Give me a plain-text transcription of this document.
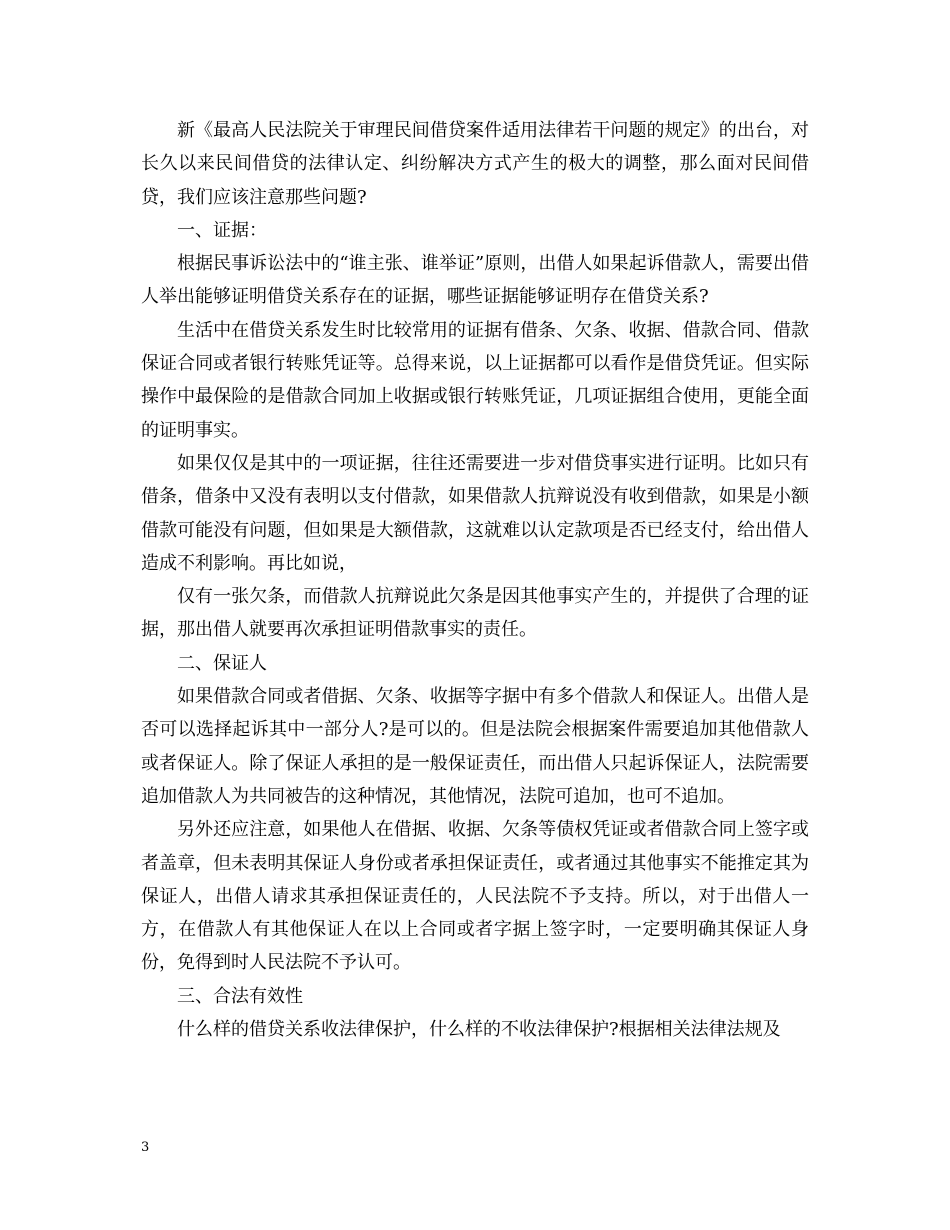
新《最高人民法院关于审理民间借贷案件适用法律若干问题的规定》的出台，对长久以来民间借贷的法律认定、纠纷解决方式产生的极大的调整，那么面对民间借贷，我们应该注意那些问题?

一、证据：

根据民事诉讼法中的“谁主张、谁举证”原则，出借人如果起诉借款人，需要出借人举出能够证明借贷关系存在的证据，哪些证据能够证明存在借贷关系?

生活中在借贷关系发生时比较常用的证据有借条、欠条、收据、借款合同、借款保证合同或者银行转账凭证等。总得来说，以上证据都可以看作是借贷凭证。但实际操作中最保险的是借款合同加上收据或银行转账凭证，几项证据组合使用，更能全面的证明事实。

如果仅仅是其中的一项证据，往往还需要进一步对借贷事实进行证明。比如只有借条，借条中又没有表明以支付借款，如果借款人抗辩说没有收到借款，如果是小额借款可能没有问题，但如果是大额借款，这就难以认定款项是否已经支付，给出借人造成不利影响。再比如说，

仅有一张欠条，而借款人抗辩说此欠条是因其他事实产生的，并提供了合理的证据，那出借人就要再次承担证明借款事实的责任。

二、保证人

如果借款合同或者借据、欠条、收据等字据中有多个借款人和保证人。出借人是否可以选择起诉其中一部分人?是可以的。但是法院会根据案件需要追加其他借款人或者保证人。除了保证人承担的是一般保证责任，而出借人只起诉保证人，法院需要追加借款人为共同被告的这种情况，其他情况，法院可追加，也可不追加。

另外还应注意，如果他人在借据、收据、欠条等债权凭证或者借款合同上签字或者盖章，但未表明其保证人身份或者承担保证责任，或者通过其他事实不能推定其为保证人，出借人请求其承担保证责任的，人民法院不予支持。所以，对于出借人一方，在借款人有其他保证人在以上合同或者字据上签字时，一定要明确其保证人身份，免得到时人民法院不予认可。

三、合法有效性

什么样的借贷关系收法律保护，什么样的不收法律保护?根据相关法律法规及

3
